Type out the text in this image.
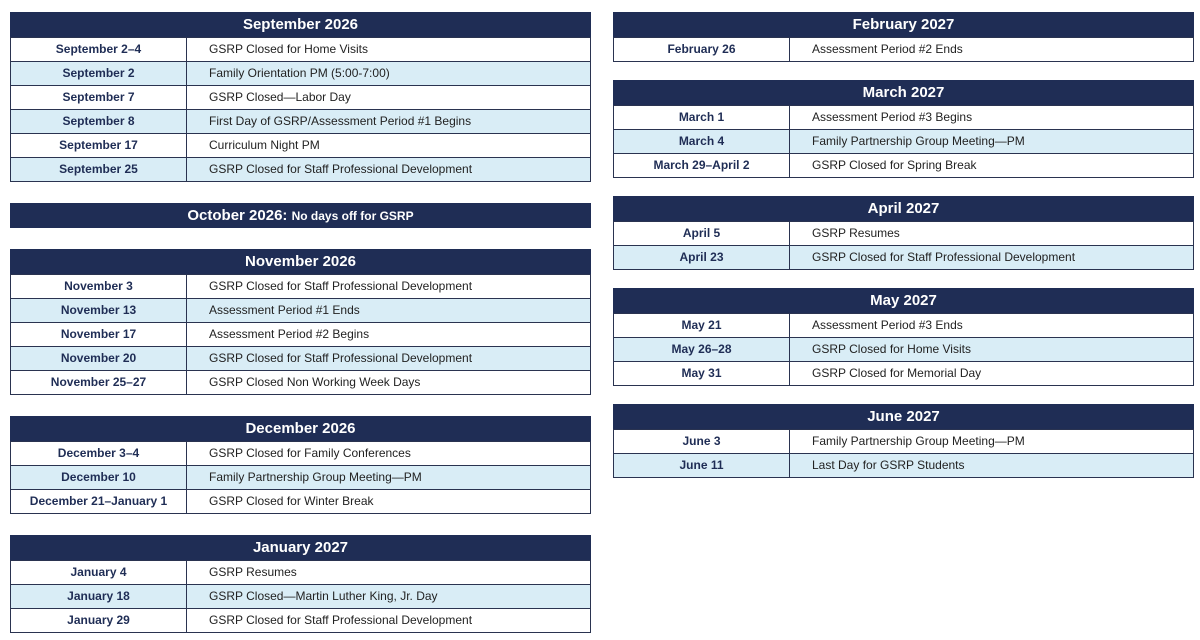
September 2026
September 2–4	GSRP Closed for Home Visits
September 2	Family Orientation PM (5:00-7:00)
September 7	GSRP Closed—Labor Day
September 8	First Day of GSRP/Assessment Period #1 Begins
September 17	Curriculum Night PM
September 25	GSRP Closed for Staff Professional Development
October 2026: No days off for GSRP
November 2026
November 3	GSRP Closed for Staff Professional Development
November 13	Assessment Period #1 Ends
November 17	Assessment Period #2 Begins
November 20	GSRP Closed for Staff Professional Development
November 25–27	GSRP Closed Non Working Week Days
December 2026
December 3–4	GSRP Closed for Family Conferences
December 10	Family Partnership Group Meeting—PM
December 21–January 1	GSRP Closed for Winter Break
January 2027
January 4	GSRP Resumes
January 18	GSRP Closed—Martin Luther King, Jr. Day
January 29	GSRP Closed for Staff Professional Development
February 2027
February 26	Assessment Period #2 Ends
March 2027
March 1	Assessment Period #3 Begins
March 4	Family Partnership Group Meeting—PM
March 29–April 2	GSRP Closed for Spring Break
April 2027
April 5	GSRP Resumes
April 23	GSRP Closed for Staff Professional Development
May 2027
May 21	Assessment Period #3 Ends
May 26–28	GSRP Closed for Home Visits
May 31	GSRP Closed for Memorial Day
June 2027
June 3	Family Partnership Group Meeting—PM
June 11	Last Day for GSRP Students
